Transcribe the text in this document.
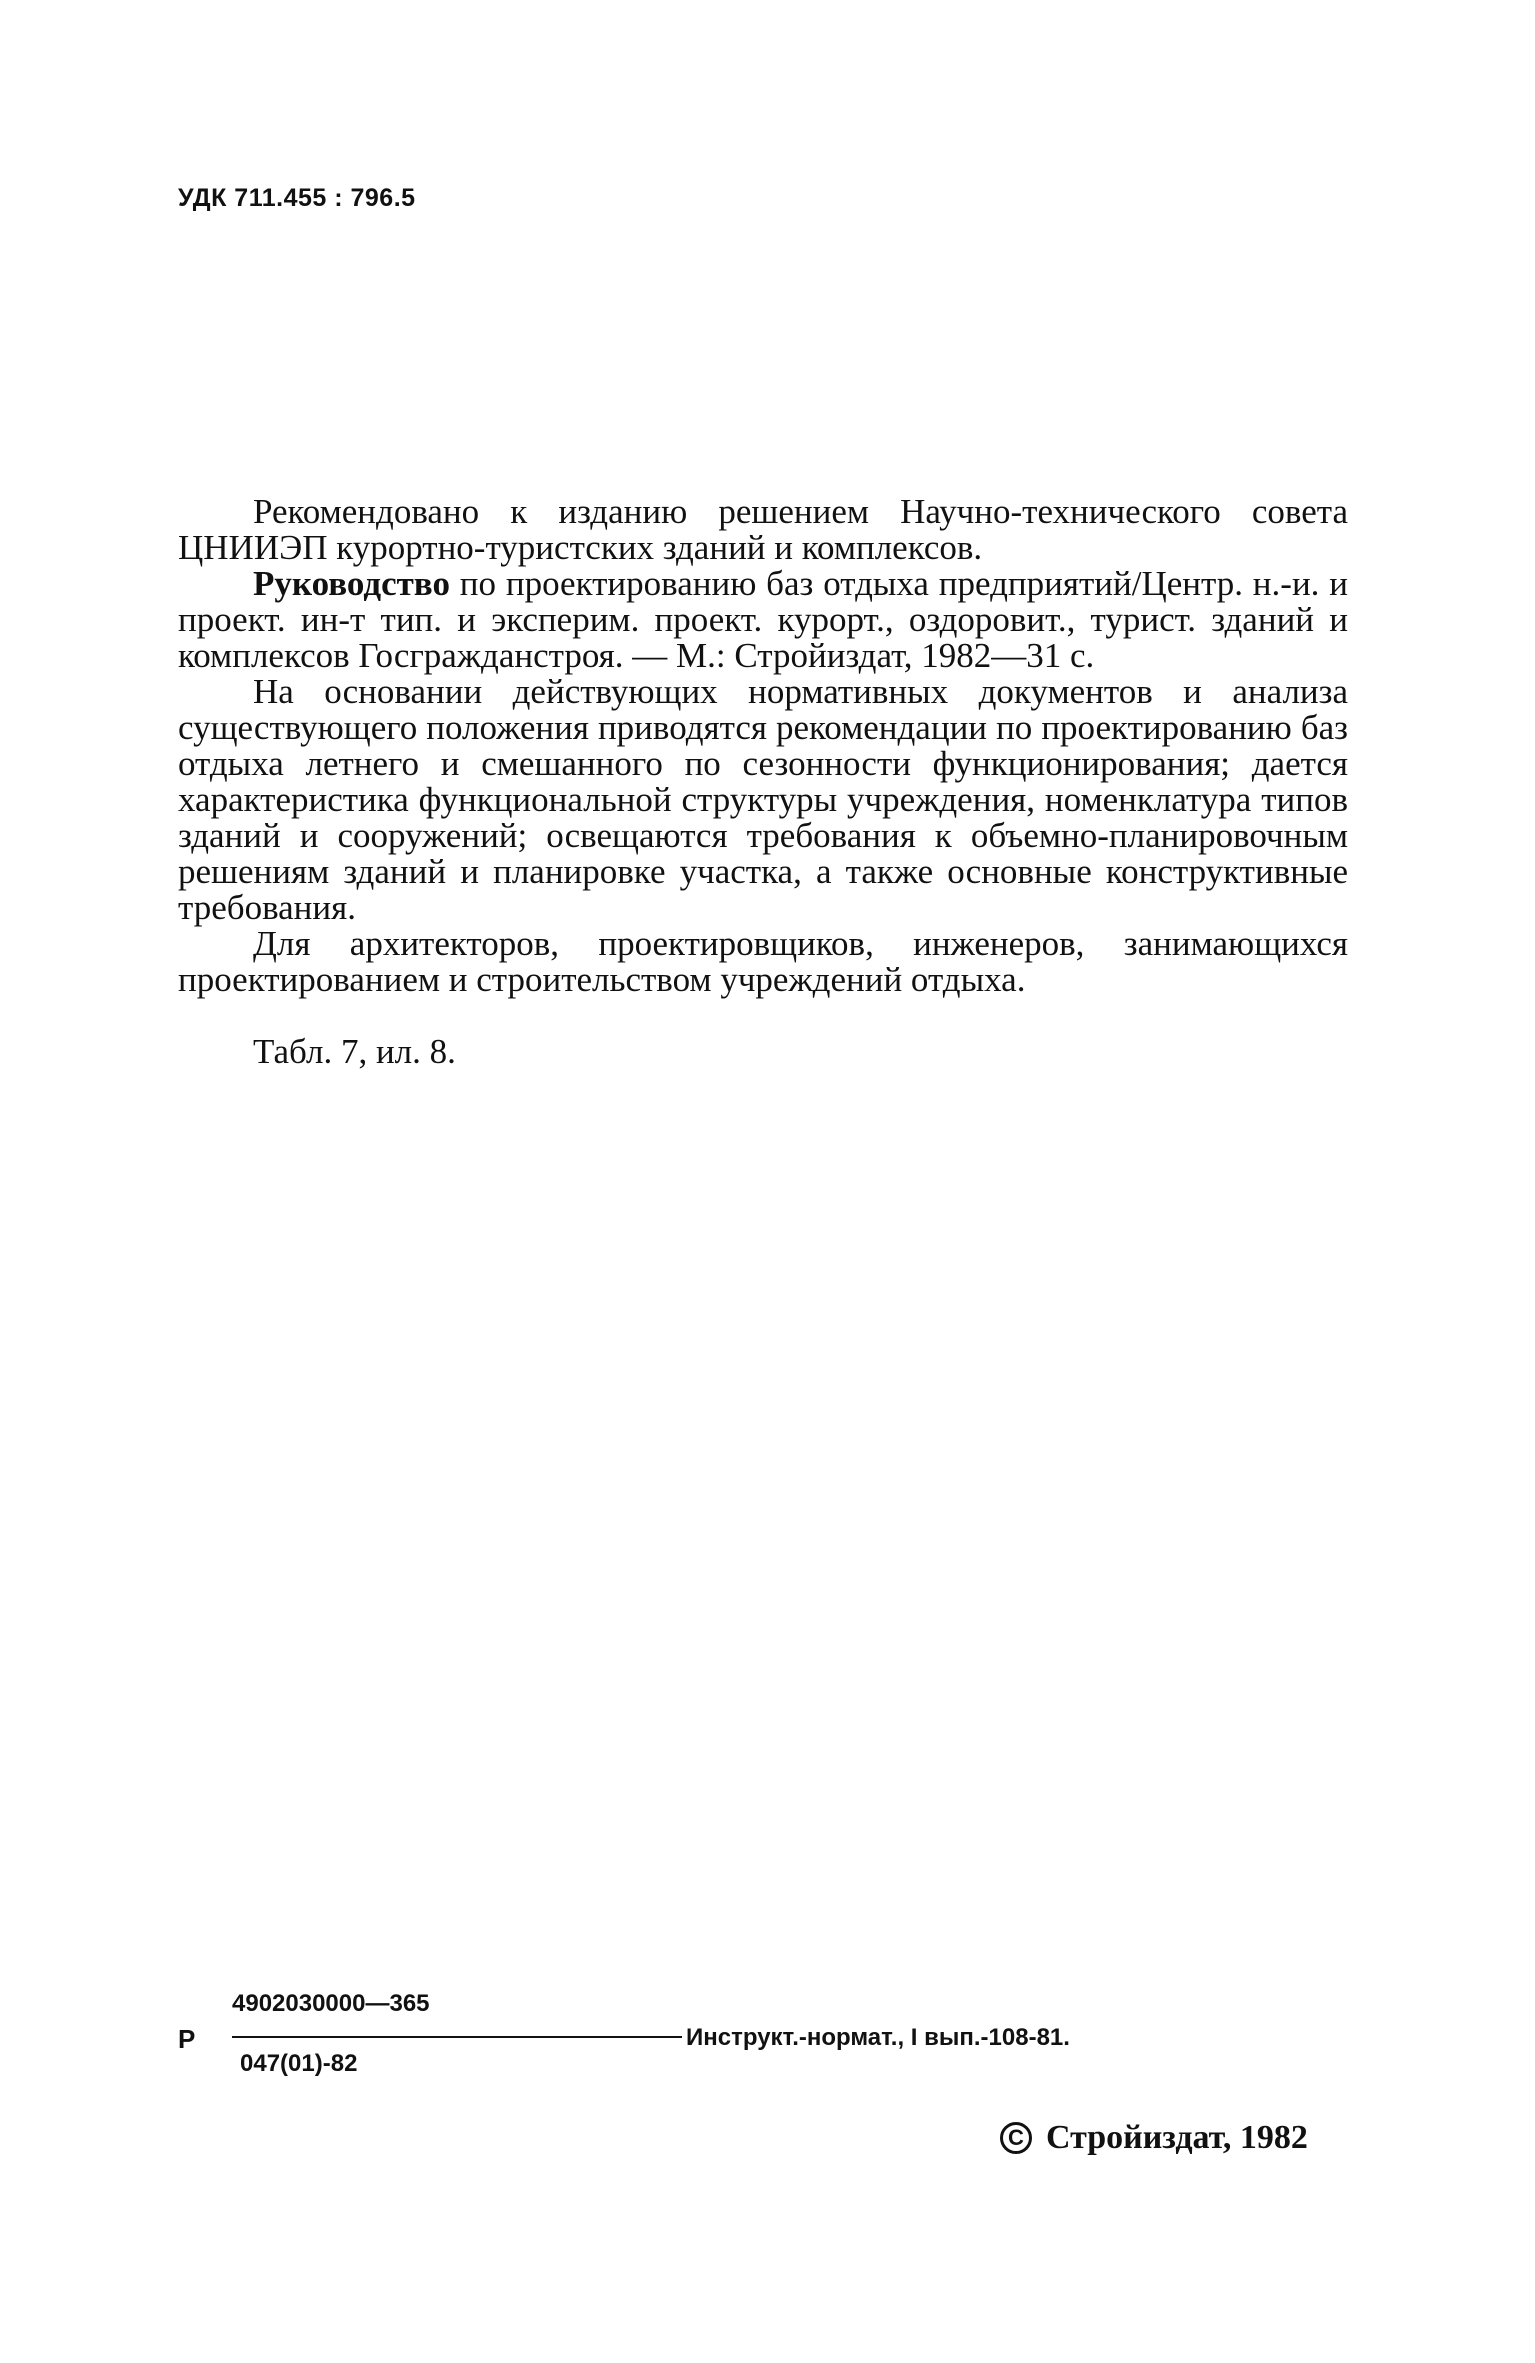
УДК 711.455 : 796.5

Рекомендовано к изданию решением Научно-технического совета ЦНИИЭП курортно-туристских зданий и комплексов.

Руководство по проектированию баз отдыха предприятий/Центр. н.-и. и проект. ин-т тип. и эксперим. проект. курорт., оздоровит., турист. зданий и комплексов Госгражданстроя. — М.: Стройиздат, 1982—31 с.

На основании действующих нормативных документов и анализа существующего положения приводятся рекомендации по проектированию баз отдыха летнего и смешанного по сезонности функционирования; дается характеристика функциональной структуры учреждения, номенклатура типов зданий и сооружений; освещаются требования к объемно-планировочным решениям зданий и планировке участка, а также основные конструктивные требования.

Для архитекторов, проектировщиков, инженеров, занимающихся проектированием и строительством учреждений отдыха.

Табл. 7, ил. 8.

Р
4902030000—365
047(01)-82
Инструкт.-нормат., I вып.-108-81.
C Стройиздат, 1982
